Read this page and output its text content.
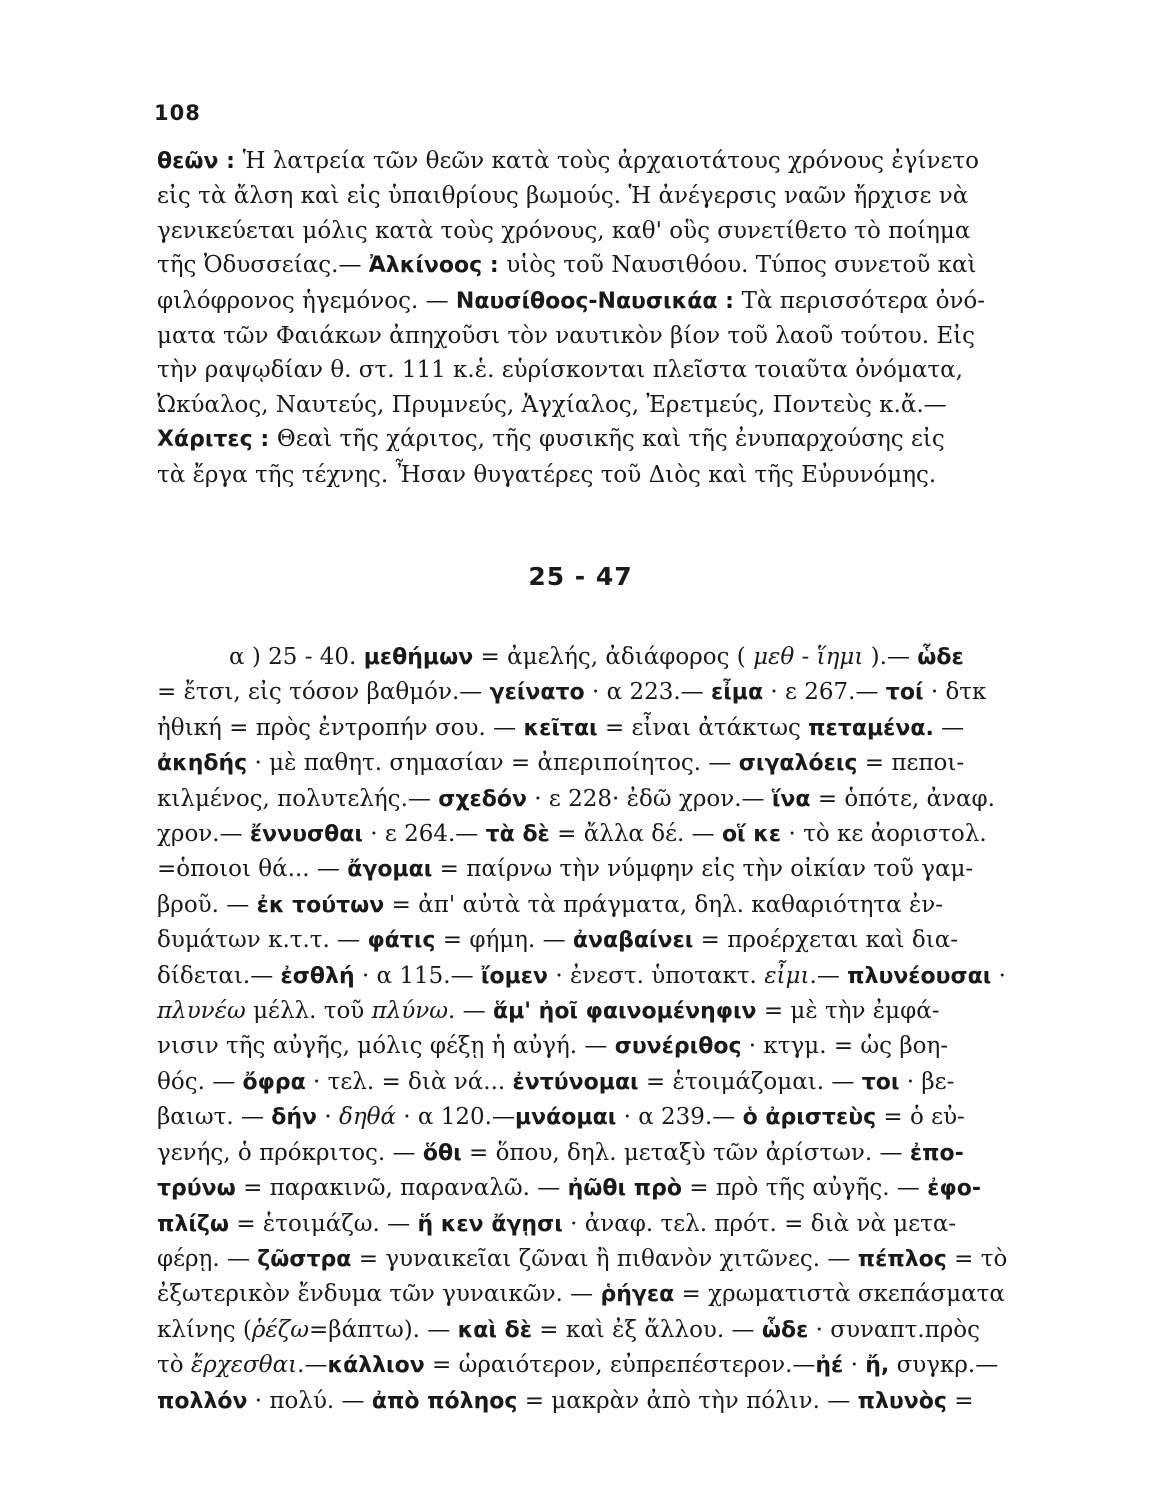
108
θεῶν : Ἡ λατρεία τῶν θεῶν κατὰ τοὺς ἀρχαιοτάτους χρόνους ἐγίνετο
εἰς τὰ ἄλση καὶ εἰς ὑπαιθρίους βωμούς. Ἡ ἀνέγερσις ναῶν ἤρχισε νὰ
γενικεύεται μόλις κατὰ τοὺς χρόνους, καθ' οὓς συνετίθετο τὸ ποίημα
τῆς Ὀδυσσείας.— Ἀλκίνοος : υἱὸς τοῦ Ναυσιθόου. Τύπος συνετοῦ καὶ
φιλόφρονος ἡγεμόνος. — Ναυσίθοος-Ναυσικάα : Τὰ περισσότερα ὀνό-
ματα τῶν Φαιάκων ἀπηχοῦσι τὸν ναυτικὸν βίον τοῦ λαοῦ τούτου. Εἰς
τὴν ραψῳδίαν θ. στ. 111 κ.ἑ. εὑρίσκονται πλεῖστα τοιαῦτα ὀνόματα,
Ὠκύαλος, Ναυτεύς, Πρυμνεύς, Ἀγχίαλος, Ἐρετμεύς, Ποντεὺς κ.ἄ.—
Χάριτες : Θεαὶ τῆς χάριτος, τῆς φυσικῆς καὶ τῆς ἐνυπαρχούσης εἰς
τὰ ἔργα τῆς τέχνης. Ἦσαν θυγατέρες τοῦ Διὸς καὶ τῆς Εὐρυνόμης.
25 - 47
α ) 25 - 40. μεθήμων = ἀμελής, ἀδιάφορος ( μεθ - ἵημι ).— ὧδε
= ἔτσι, εἰς τόσον βαθμόν.— γείνατο · α 223.— εἶμα · ε 267.— τοί · δτκ
ἠθική = πρὸς ἐντροπήν σου. — κεῖται = εἶναι ἀτάκτως πεταμένα. —
ἀκηδής · μὲ παθητ. σημασίαν = ἀπεριποίητος. — σιγαλόεις = πεποι-
κιλμένος, πολυτελής.— σχεδόν · ε 228· ἐδῶ χρον.— ἵνα = ὁπότε, ἀναφ.
χρον.— ἔννυσθαι · ε 264.— τὰ δὲ = ἄλλα δέ. — οἵ κε · τὸ κε ἀοριστολ.
=ὁποιοι θά... — ἄγομαι = παίρνω τὴν νύμφην εἰς τὴν οἰκίαν τοῦ γαμ-
βροῦ. — ἐκ τούτων = ἀπ' αὐτὰ τὰ πράγματα, δηλ. καθαριότητα ἐν-
δυμάτων κ.τ.τ. — φάτις = φήμη. — ἀναβαίνει = προέρχεται καὶ δια-
δίδεται.— ἐσθλή · α 115.— ἴομεν · ἐνεστ. ὑποτακτ. εἶμι.— πλυνέουσαι ·
πλυνέω μέλλ. τοῦ πλύνω. — ἅμ' ἠοῖ φαινομένηφιν = μὲ τὴν ἐμφά-
νισιν τῆς αὐγῆς, μόλις φέξῃ ἡ αὐγή. — συνέριθος · κτγμ. = ὡς βοη-
θός. — ὄφρα · τελ. = διὰ νά... ἐντύνομαι = ἑτοιμάζομαι. — τοι · βε-
βαιωτ. — δήν · δηθά · α 120.—μνάομαι · α 239.— ὁ ἀριστεὺς = ὁ εὐ-
γενής, ὁ πρόκριτος. — ὅθι = ὅπου, δηλ. μεταξὺ τῶν ἀρίστων. — ἐπο-
τρύνω = παρακινῶ, παραναλῶ. — ἠῶθι πρὸ = πρὸ τῆς αὐγῆς. — ἐφο-
πλίζω = ἑτοιμάζω. — ἥ κεν ἄγῃσι · ἀναφ. τελ. πρότ. = διὰ νὰ μετα-
φέρῃ. — ζῶστρα = γυναικεῖαι ζῶναι ἢ πιθανὸν χιτῶνες. — πέπλος = τὸ
ἐξωτερικὸν ἔνδυμα τῶν γυναικῶν. — ῥήγεα = χρωματιστὰ σκεπάσματα
κλίνης (ῥέζω=βάπτω). — καὶ δὲ = καὶ ἐξ ἄλλου. — ὧδε · συναπτ.πρὸς
τὸ ἔρχεσθαι.—κάλλιον = ὡραιότερον, εὐπρεπέστερον.—ἠέ · ἤ, συγκρ.—
πολλόν · πολύ. — ἀπὸ πόληος = μακρὰν ἀπὸ τὴν πόλιν. — πλυνὸς =
